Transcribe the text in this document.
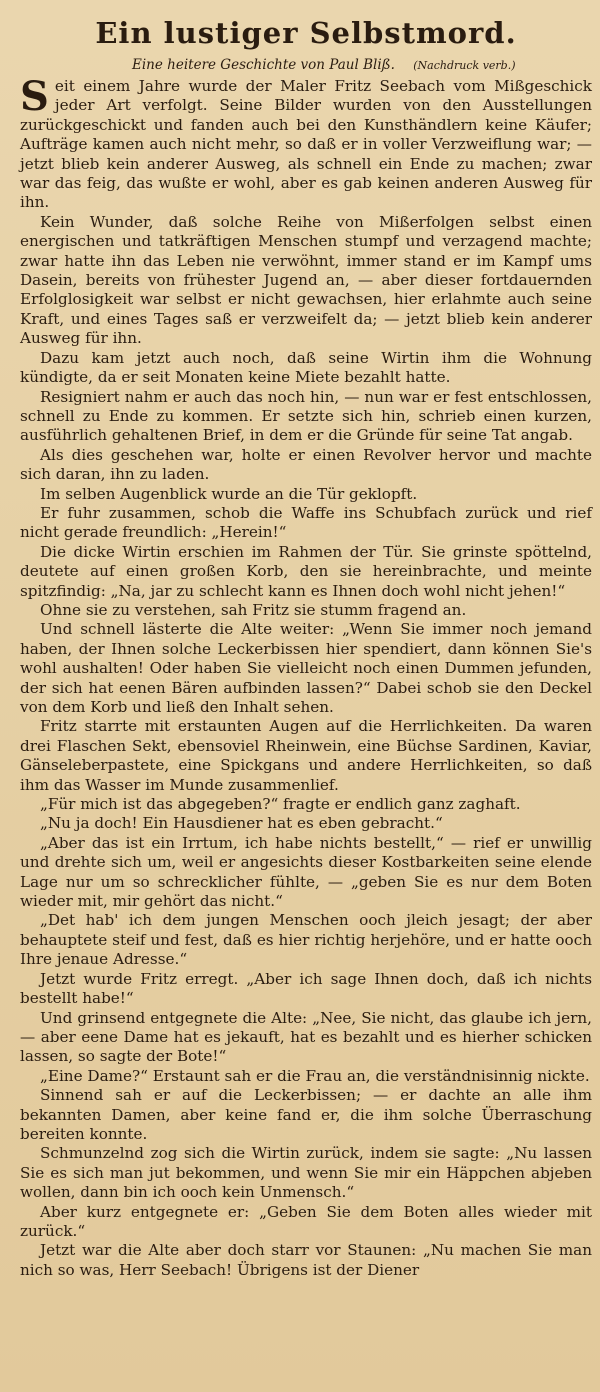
Ein lustiger Selbstmord.
Eine heitere Geschichte von Paul Bliß. (Nachdruck verb.)

Seit einem Jahre wurde der Maler Fritz Seebach vom Mißgeschick jeder Art verfolgt. Seine Bilder wurden von den Ausstellungen zurückgeschickt und fanden auch bei den Kunsthändlern keine Käufer; Aufträge kamen auch nicht mehr, so daß er in voller Verzweiflung war; — jetzt blieb kein anderer Ausweg, als schnell ein Ende zu machen; zwar war das feig, das wußte er wohl, aber es gab keinen anderen Ausweg für ihn.

Kein Wunder, daß solche Reihe von Mißerfolgen selbst einen energischen und tatkräftigen Menschen stumpf und verzagend machte; zwar hatte ihn das Leben nie verwöhnt, immer stand er im Kampf ums Dasein, bereits von frühester Jugend an, — aber dieser fortdauernden Erfolglosigkeit war selbst er nicht gewachsen, hier erlahmte auch seine Kraft, und eines Tages saß er verzweifelt da; — jetzt blieb kein anderer Ausweg für ihn.

Dazu kam jetzt auch noch, daß seine Wirtin ihm die Wohnung kündigte, da er seit Monaten keine Miete bezahlt hatte.

Resigniert nahm er auch das noch hin, — nun war er fest entschlossen, schnell zu Ende zu kommen. Er setzte sich hin, schrieb einen kurzen, ausführlich gehaltenen Brief, in dem er die Gründe für seine Tat angab.

Als dies geschehen war, holte er einen Revolver hervor und machte sich daran, ihn zu laden.

Im selben Augenblick wurde an die Tür geklopft.

Er fuhr zusammen, schob die Waffe ins Schubfach zurück und rief nicht gerade freundlich: „Herein!“

Die dicke Wirtin erschien im Rahmen der Tür. Sie grinste spöttelnd, deutete auf einen großen Korb, den sie hereinbrachte, und meinte spitzfindig: „Na, jar zu schlecht kann es Ihnen doch wohl nicht jehen!“

Ohne sie zu verstehen, sah Fritz sie stumm fragend an.

Und schnell lästerte die Alte weiter: „Wenn Sie immer noch jemand haben, der Ihnen solche Leckerbissen hier spendiert, dann können Sie's wohl aushalten! Oder haben Sie vielleicht noch einen Dummen jefunden, der sich hat eenen Bären aufbinden lassen?“ Dabei schob sie den Deckel von dem Korb und ließ den Inhalt sehen.

Fritz starrte mit erstaunten Augen auf die Herrlichkeiten. Da waren drei Flaschen Sekt, ebensoviel Rheinwein, eine Büchse Sardinen, Kaviar, Gänseleberpastete, eine Spickgans und andere Herrlichkeiten, so daß ihm das Wasser im Munde zusammenlief.

„Für mich ist das abgegeben?“ fragte er endlich ganz zaghaft.

„Nu ja doch! Ein Hausdiener hat es eben gebracht.“

„Aber das ist ein Irrtum, ich habe nichts bestellt,“ — rief er unwillig und drehte sich um, weil er angesichts dieser Kostbarkeiten seine elende Lage nur um so schrecklicher fühlte, — „geben Sie es nur dem Boten wieder mit, mir gehört das nicht.“

„Det hab' ich dem jungen Menschen ooch jleich jesagt; der aber behauptete steif und fest, daß es hier richtig herjehöre, und er hatte ooch Ihre jenaue Adresse.“

Jetzt wurde Fritz erregt. „Aber ich sage Ihnen doch, daß ich nichts bestellt habe!“

Und grinsend entgegnete die Alte: „Nee, Sie nicht, das glaube ich jern, — aber eene Dame hat es jekauft, hat es bezahlt und es hierher schicken lassen, so sagte der Bote!“

„Eine Dame?“ Erstaunt sah er die Frau an, die verständnisinnig nickte.

Sinnend sah er auf die Leckerbissen; — er dachte an alle ihm bekannten Damen, aber keine fand er, die ihm solche Überraschung bereiten konnte.

Schmunzelnd zog sich die Wirtin zurück, indem sie sagte: „Nu lassen Sie es sich man jut bekommen, und wenn Sie mir ein Häppchen abjeben wollen, dann bin ich ooch kein Unmensch.“

Aber kurz entgegnete er: „Geben Sie dem Boten alles wieder mit zurück.“

Jetzt war die Alte aber doch starr vor Staunen: „Nu machen Sie man nich so was, Herr Seebach! Übrigens ist der Diener
